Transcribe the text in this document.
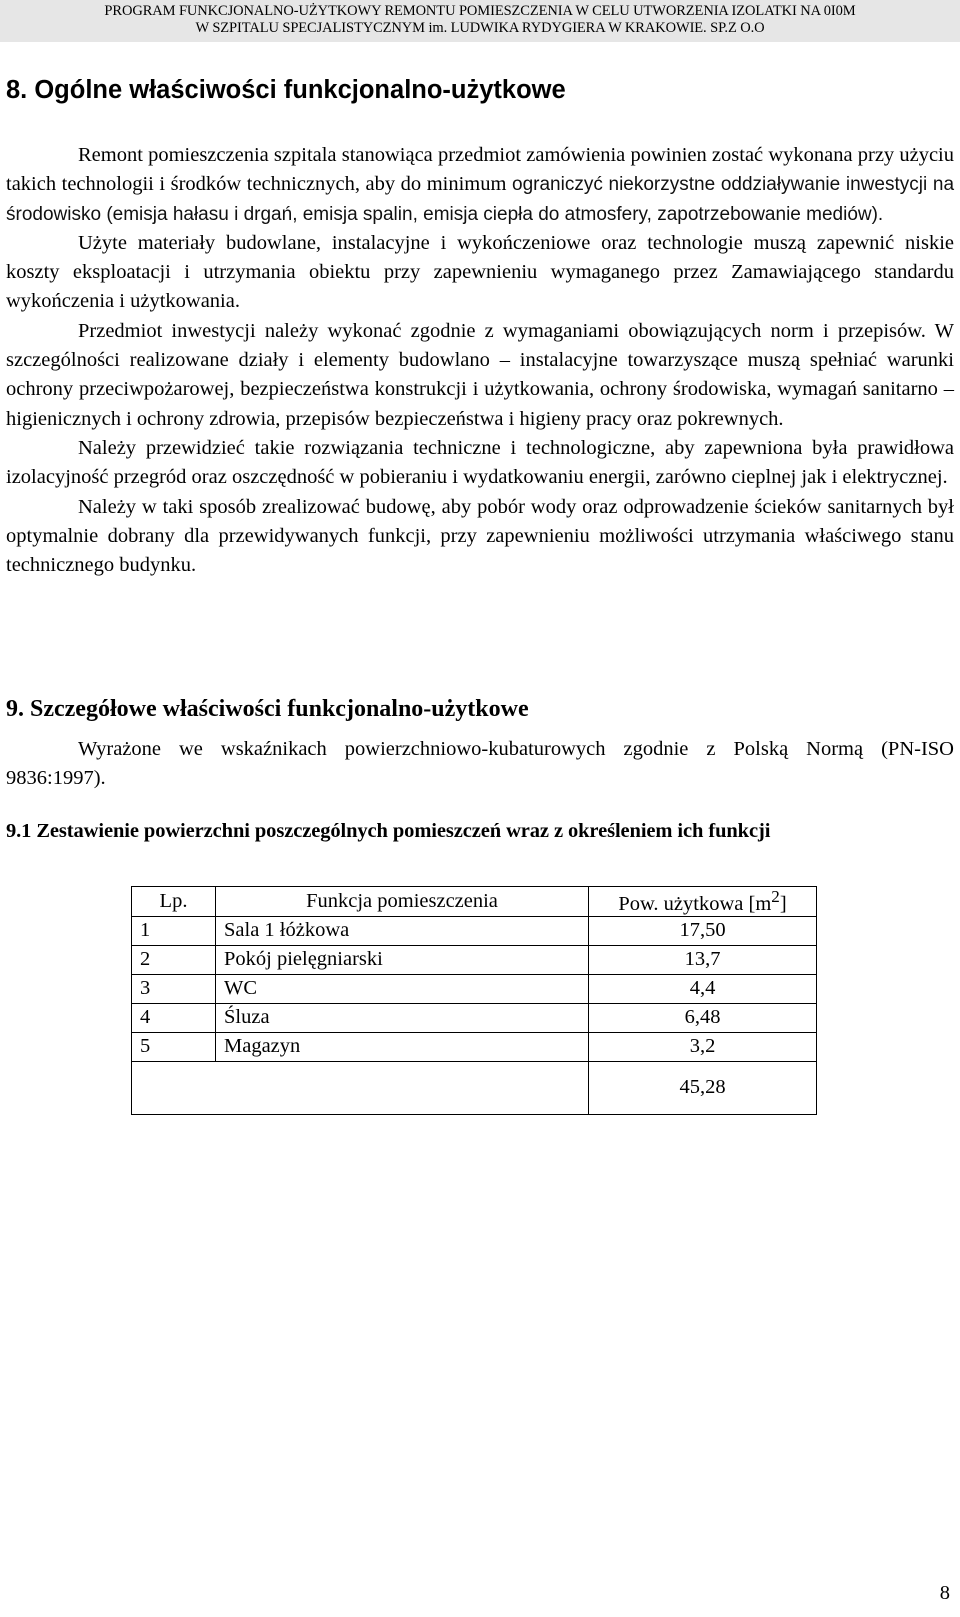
PROGRAM FUNKCJONALNO-UŻYTKOWY REMONTU POMIESZCZENIA W CELU UTWORZENIA IZOLATKI NA 0I0M
W SZPITALU SPECJALISTYCZNYM im. LUDWIKA RYDYGIERA W KRAKOWIE. SP.Z O.O
8. Ogólne właściwości funkcjonalno-użytkowe

Remont pomieszczenia szpitala stanowiąca przedmiot zamówienia powinien zostać wykonana przy użyciu takich technologii i środków technicznych, aby do minimum ograniczyć niekorzystne oddziaływanie inwestycji na środowisko (emisja hałasu i drgań, emisja spalin, emisja ciepła do atmosfery, zapotrzebowanie mediów).

Użyte materiały budowlane, instalacyjne i wykończeniowe oraz technologie muszą zapewnić niskie koszty eksploatacji i utrzymania obiektu przy zapewnieniu wymaganego przez Zamawiającego standardu wykończenia i użytkowania.

Przedmiot inwestycji należy wykonać zgodnie z wymaganiami obowiązujących norm i przepisów. W szczególności realizowane działy i elementy budowlano – instalacyjne towarzyszące muszą spełniać warunki ochrony przeciwpożarowej, bezpieczeństwa konstrukcji i użytkowania, ochrony środowiska, wymagań sanitarno – higienicznych i ochrony zdrowia, przepisów bezpieczeństwa i higieny pracy oraz pokrewnych.

Należy przewidzieć takie rozwiązania techniczne i technologiczne, aby zapewniona była prawidłowa izolacyjność przegród oraz oszczędność w pobieraniu i wydatkowaniu energii, zarówno cieplnej jak i elektrycznej.

Należy w taki sposób zrealizować budowę, aby pobór wody oraz odprowadzenie ścieków sanitarnych był optymalnie dobrany dla przewidywanych funkcji, przy zapewnieniu możliwości utrzymania właściwego stanu technicznego budynku.

9. Szczegółowe właściwości funkcjonalno-użytkowe

Wyrażone we wskaźnikach powierzchniowo-kubaturowych zgodnie z Polską Normą (PN-ISO 9836:1997).

9.1 Zestawienie powierzchni poszczególnych pomieszczeń wraz z określeniem ich funkcji
Lp.	Funkcja pomieszczenia	Pow. użytkowa $[m^2]$
1	Sala 1 łóżkowa	17,50
2	Pokój pielęgniarski	13,7
3	WC	4,4
4	Śluza	6,48
5	Magazyn	3,2
		45,28
8
